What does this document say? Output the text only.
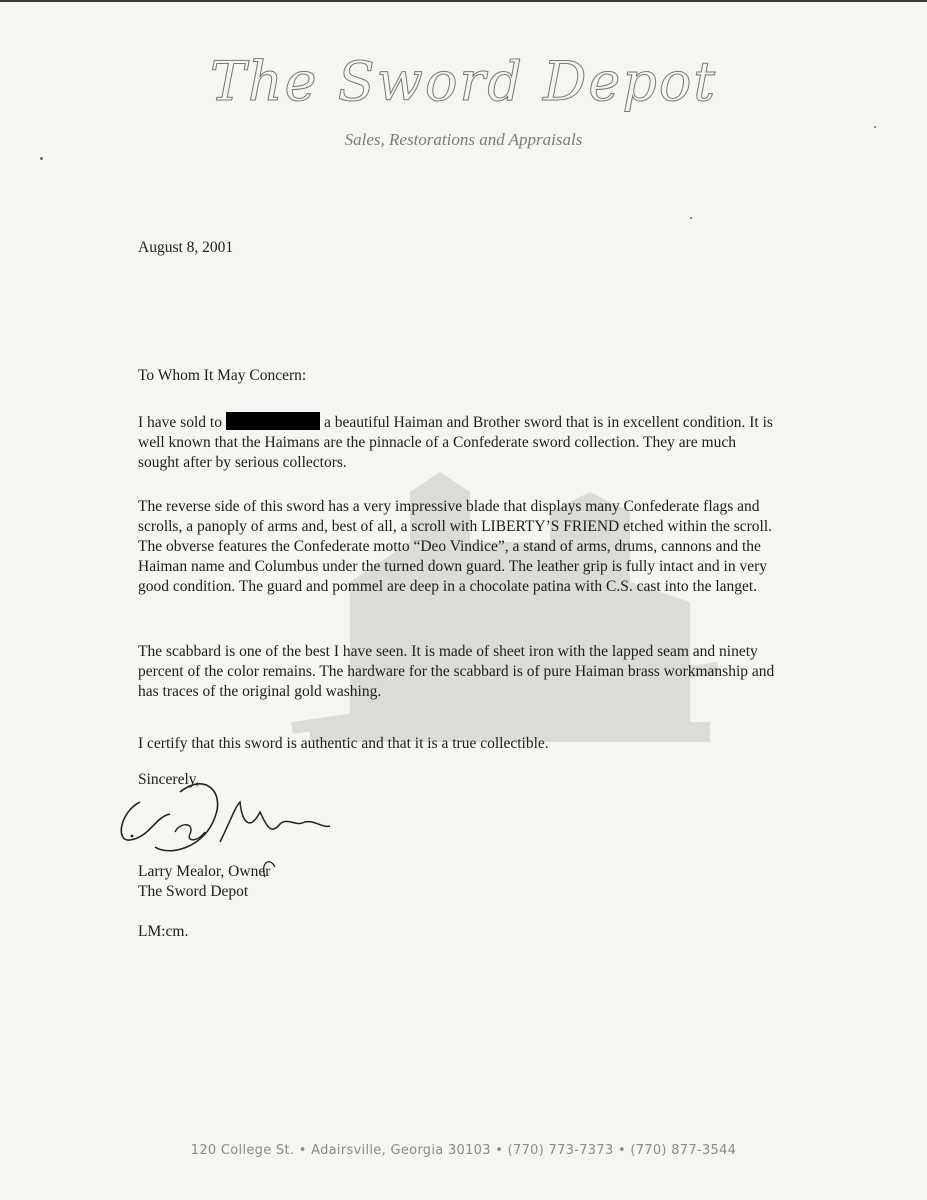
The Sword Depot
Sales, Restorations and Appraisals
August 8, 2001
To Whom It May Concern:
I have sold to	a beautiful Haiman and Brother sword that is in excellent condition. It is well known that the Haimans are the pinnacle of a Confederate sword collection. They are much sought after by serious collectors.
The reverse side of this sword has a very impressive blade that displays many Confederate flags and scrolls, a panoply of arms and, best of all, a scroll with LIBERTY’S FRIEND etched within the scroll. The obverse features the Confederate motto “Deo Vindice”, a stand of arms, drums, cannons and the Haiman name and Columbus under the turned down guard. The leather grip is fully intact and in very good condition. The guard and pommel are deep in a chocolate patina with C.S. cast into the langet.
The scabbard is one of the best I have seen. It is made of sheet iron with the lapped seam and ninety percent of the color remains. The hardware for the scabbard is of pure Haiman brass workmanship and has traces of the original gold washing.
I certify that this sword is authentic and that it is a true collectible.
Sincerely,
Larry Mealor, Owner
The Sword Depot
LM:cm.
120 College St. • Adairsville, Georgia 30103 • (770) 773-7373 • (770) 877-3544
